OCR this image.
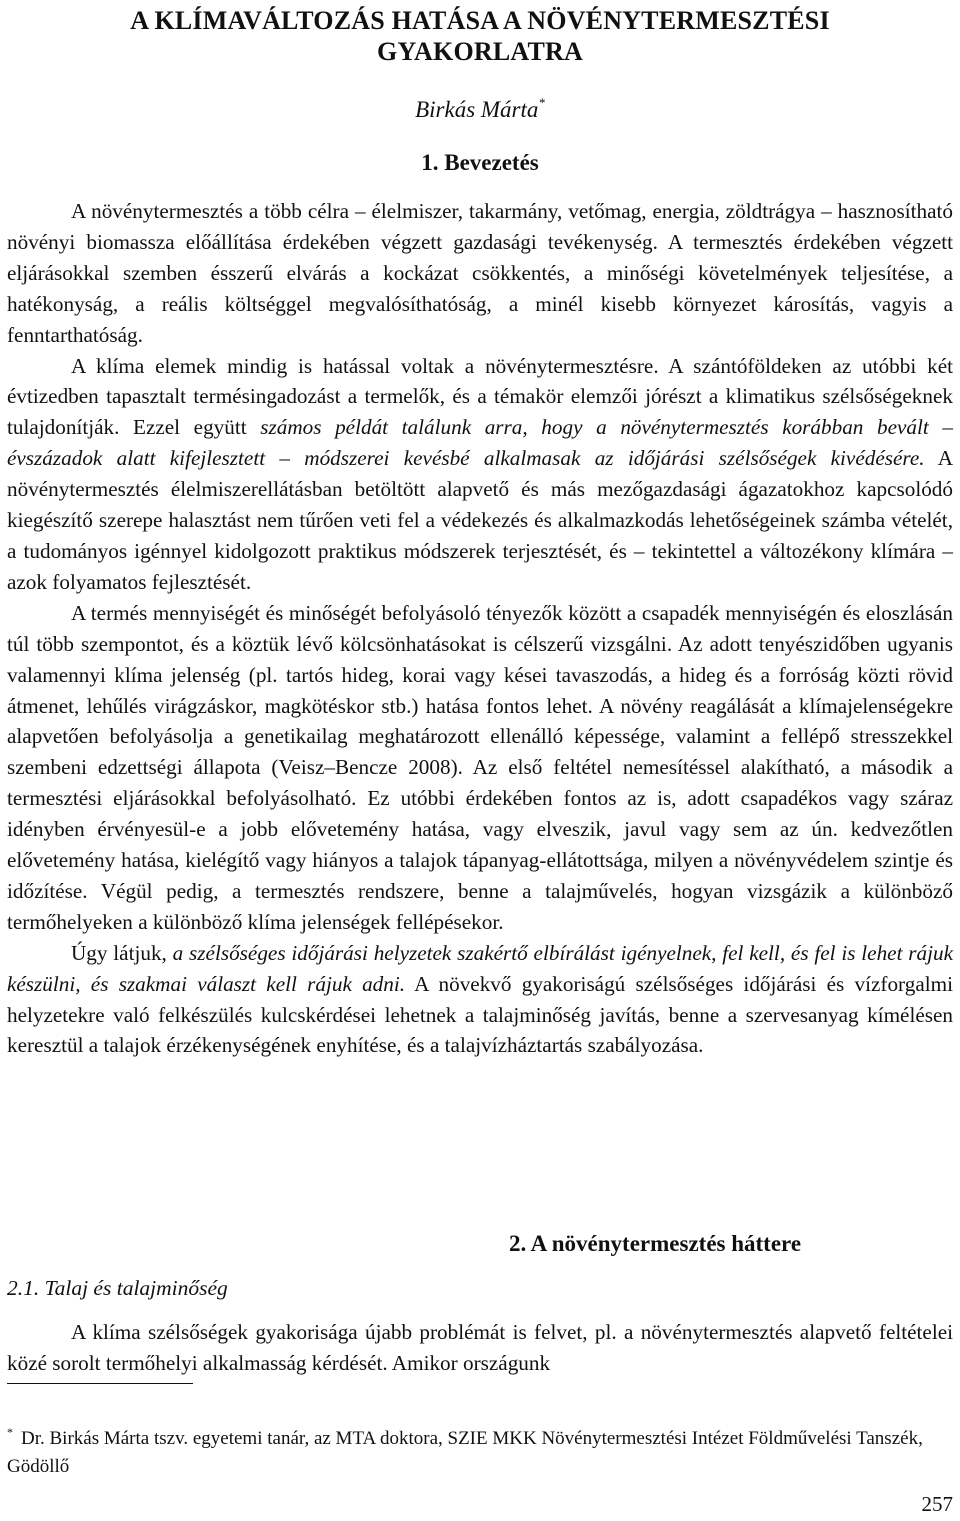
A KLÍMAVÁLTOZÁS HATÁSA A NÖVÉNYTERMESZTÉSI
GYAKORLATRA
Birkás Márta*
1. Bevezetés

A növénytermesztés a több célra – élelmiszer, takarmány, vetőmag, energia, zöldtrágya – hasznosítható növényi biomassza előállítása érdekében végzett gazdasági tevékenység. A termesztés érdekében végzett eljárásokkal szemben ésszerű elvárás a kockázat csökkentés, a minőségi követelmények teljesítése, a hatékonyság, a reális költséggel megvalósíthatóság, a minél kisebb környezet károsítás, vagyis a fenntarthatóság.

A klíma elemek mindig is hatással voltak a növénytermesztésre. A szántóföldeken az utóbbi két évtizedben tapasztalt termésingadozást a termelők, és a témakör elemzői jórészt a klimatikus szélsőségeknek tulajdonítják. Ezzel együtt számos példát találunk arra, hogy a növénytermesztés korábban bevált – évszázadok alatt kifejlesztett – módszerei kevésbé alkalmasak az időjárási szélsőségek kivédésére. A növénytermesztés élelmiszerellátásban betöltött alapvető és más mezőgazdasági ágazatokhoz kapcsolódó kiegészítő szerepe halasztást nem tűrően veti fel a védekezés és alkalmazkodás lehetőségeinek számba vételét, a tudományos igénnyel kidolgozott praktikus módszerek terjesztését, és – tekintettel a változékony klímára – azok folyamatos fejlesztését.

A termés mennyiségét és minőségét befolyásoló tényezők között a csapadék mennyiségén és eloszlásán túl több szempontot, és a köztük lévő kölcsönhatásokat is célszerű vizsgálni. Az adott tenyészidőben ugyanis valamennyi klíma jelenség (pl. tartós hideg, korai vagy kései tavaszodás, a hideg és a forróság közti rövid átmenet, lehűlés virágzáskor, magkötéskor stb.) hatása fontos lehet. A növény reagálását a klímajelenségekre alapvetően befolyásolja a genetikailag meghatározott ellenálló képessége, valamint a fellépő stresszekkel szembeni edzettségi állapota (Veisz–Bencze 2008). Az első feltétel nemesítéssel alakítható, a második a termesztési eljárásokkal befolyásolható. Ez utóbbi érdekében fontos az is, adott csapadékos vagy száraz idényben érvényesül-e a jobb elővetemény hatása, vagy elveszik, javul vagy sem az ún. kedvezőtlen elővetemény hatása, kielégítő vagy hiányos a talajok tápanyag-ellátottsága, milyen a növényvédelem szintje és időzítése. Végül pedig, a termesztés rendszere, benne a talajművelés, hogyan vizsgázik a különböző termőhelyeken a különböző klíma jelenségek fellépésekor.

Úgy látjuk, a szélsőséges időjárási helyzetek szakértő elbírálást igényelnek, fel kell, és fel is lehet rájuk készülni, és szakmai választ kell rájuk adni. A növekvő gyakoriságú szélsőséges időjárási és vízforgalmi helyzetekre való felkészülés kulcskérdései lehetnek a talajminőség javítás, benne a szervesanyag kímélésen keresztül a talajok érzékenységének enyhítése, és a talajvízháztartás szabályozása.

2. A növénytermesztés háttere
2.1. Talaj és talajminőség

A klíma szélsőségek gyakorisága újabb problémát is felvet, pl. a növénytermesztés alapvető feltételei közé sorolt termőhelyi alkalmasság kérdését. Amikor országunk

* Dr. Birkás Márta tszv. egyetemi tanár, az MTA doktora, SZIE MKK Növénytermesztési Intézet Földművelési Tanszék, Gödöllő
257
